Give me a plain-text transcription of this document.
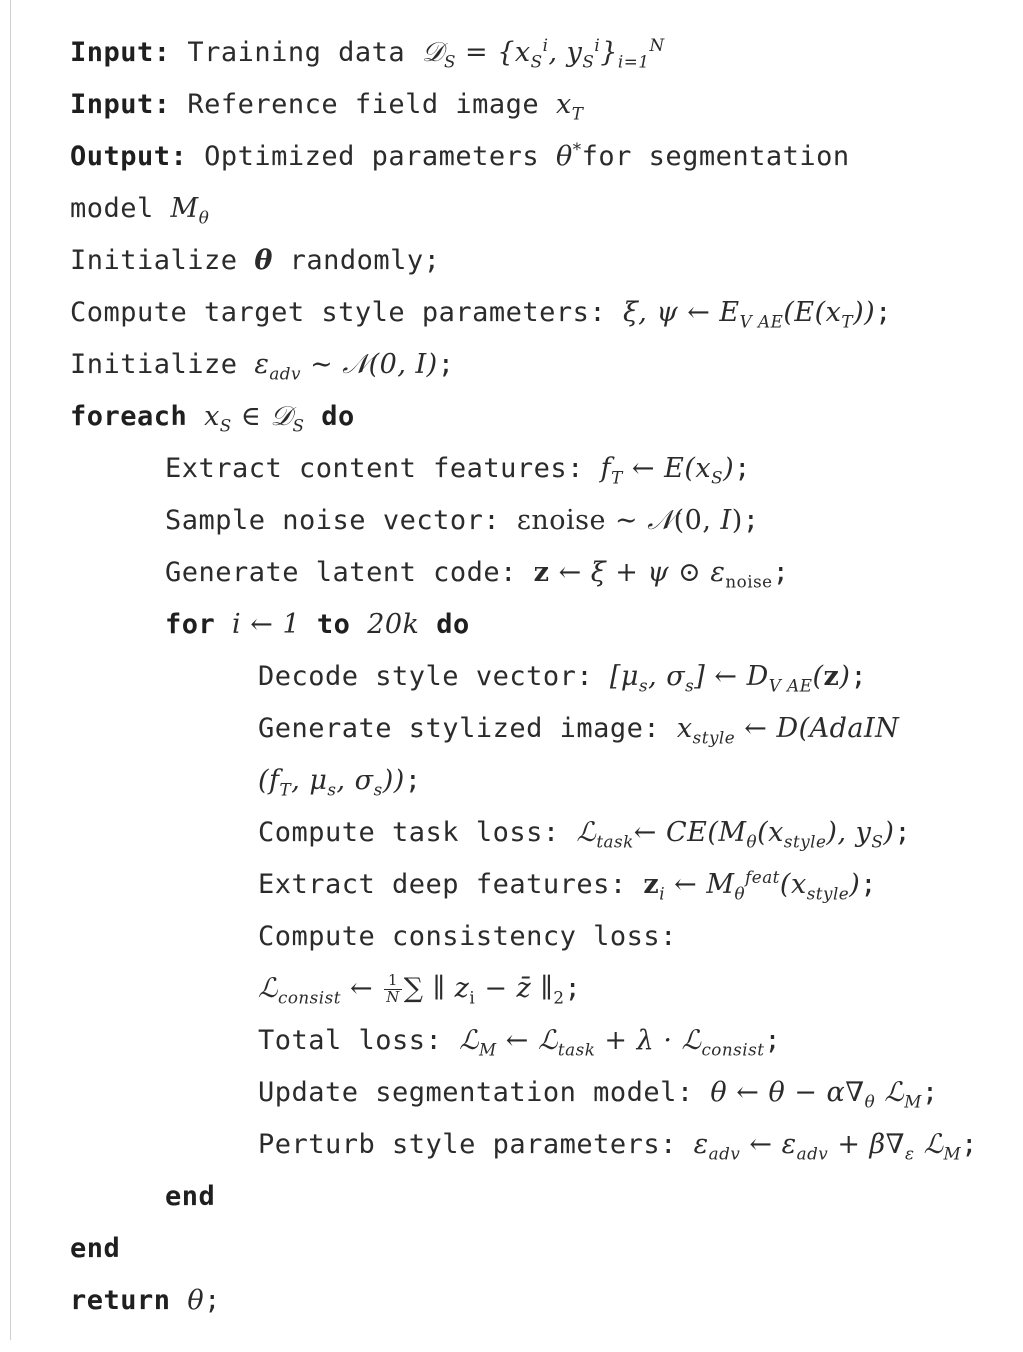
Input: Training data 𝒟$_S$ = {$x_S^i$, $y_S^i\}_{i=1}^N$
Input: Reference field image $x_T$
Output: Optimized parameters θ*for segmentation
model $M_\theta$
Initialize θ randomly;
Compute target style parameters: ξ, ψ ← $E_{V AE}(E(x_T))$;
Initialize $\varepsilon_{adv}$ ∼ 𝒩(0, I);
foreach $x_S$ ∈ 𝒟$_S$ do
Extract content features: $f_T$ ← $E(x_S)$;
Sample noise vector: εnoise ∼ 𝒩(0, I);
Generate latent code: z ← ξ + ψ ⊙ $\varepsilon_{noise}$;
for i ← 1 to 20k do
Decode style vector: [$\mu_s$, $\sigma_s$] ← $D_{V AE}(z)$;
Generate stylized image: $x_{style}$ ← D(AdaIN
($f_T$, $\mu_s$, $\sigma_s$));
Compute task loss: ℒ$_{task}$← $CE(M_\theta(x_{style})$, $y_S$);
Extract deep features: $z_i$ ← $M_\theta^{feat}(x_{style})$;
Compute consistency loss:
ℒ$_{consist}$ ← $\frac{1}{N}$ ∑ ∥ $z_i$ − z̄ $\parallel_2$;
Total loss: ℒ$_M$ ← ℒ$_{task}$ + λ · ℒ$_{consist}$;
Update segmentation model: θ ← $\theta - \alpha\nabla_\theta$ ℒ$_M$;
Perturb style parameters: $\varepsilon_{adv}$ ← $\varepsilon_{adv} + \beta\nabla_\varepsilon$ ℒ$_M$;
end
end
return θ;
